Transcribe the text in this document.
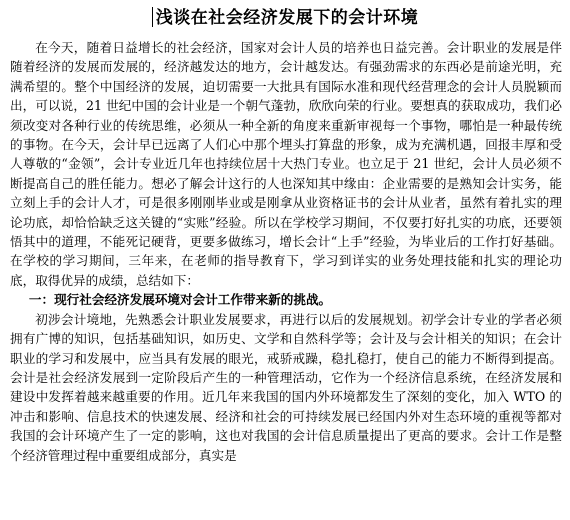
浅谈在社会经济发展下的会计环境

在今天，随着日益增长的社会经济，国家对会计人员的培养也日益完善。会计职业的发展是伴随着经济的发展而发展的，经济越发达的地方，会计越发达。有强劲需求的东西必是前途光明，充满希望的。整个中国经济的发展，迫切需要一大批具有国际水准和现代经营理念的会计人员脱颖而出，可以说，21 世纪中国的会计业是一个朝气蓬勃，欣欣向荣的行业。要想真的获取成功，我们必须改变对各种行业的传统思维，必须从一种全新的角度来重新审视每一个事物，哪怕是一种最传统的事物。在今天，会计早已远离了人们心中那个埋头打算盘的形象，成为充满机遇，回报丰厚和受人尊敬的“金领”，会计专业近几年也持续位居十大热门专业。也立足于 21 世纪，会计人员必须不断提高自己的胜任能力。想必了解会计这行的人也深知其中缘由：企业需要的是熟知会计实务，能立刻上手的会计人才，可是很多刚刚毕业或是刚拿从业资格证书的会计从业者，虽然有着扎实的理论功底，却恰恰缺乏这关键的“实账”经验。所以在学校学习期间，不仅要打好扎实的功底，还要领悟其中的道理，不能死记硬背，更要多做练习，增长会计“上手”经验，为毕业后的工作打好基础。在学校的学习期间，三年来，在老师的指导教育下，学习到详实的业务处理技能和扎实的理论功底，取得优异的成绩，总结如下：

一：现行社会经济发展环境对会计工作带来新的挑战。

初涉会计境地，先熟悉会计职业发展要求，再进行以后的发展规划。初学会计专业的学者必须拥有广博的知识，包括基础知识，如历史、文学和自然科学等；会计及与会计相关的知识；在会计职业的学习和发展中，应当具有发展的眼光，戒骄戒躁，稳扎稳打，使自己的能力不断得到提高。会计是社会经济发展到一定阶段后产生的一种管理活动，它作为一个经济信息系统，在经济发展和建设中发挥着越来越重要的作用。近几年来我国的国内外环境都发生了深刻的变化，加入 WTO 的冲击和影响、信息技术的快速发展、经济和社会的可持续发展已经国内外对生态环境的重视等都对我国的会计环境产生了一定的影响，这也对我国的会计信息质量提出了更高的要求。会计工作是整个经济管理过程中重要组成部分，真实是
